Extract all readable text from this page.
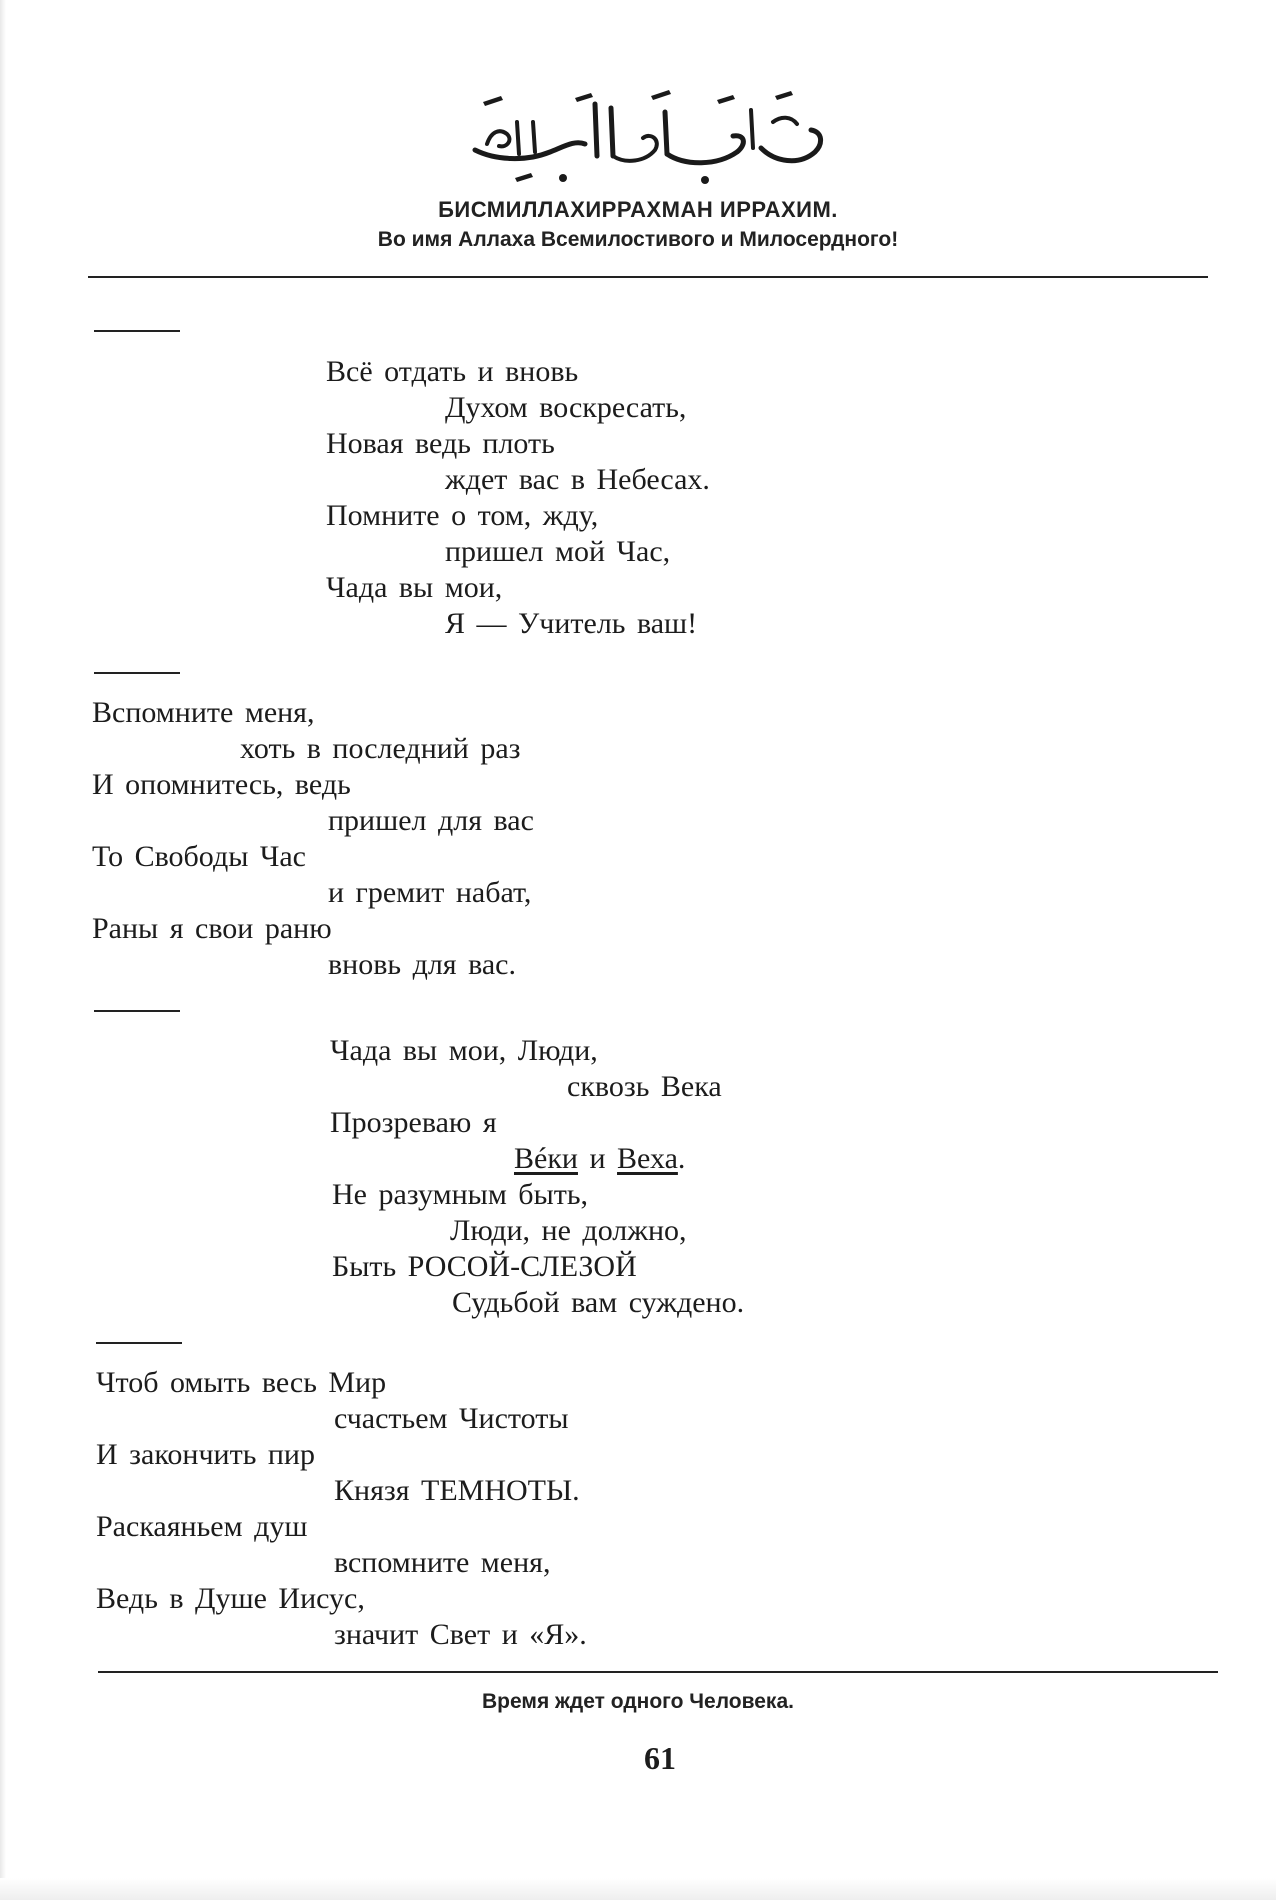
БИСМИЛЛАХИРРАХМАН ИРРАХИМ.
Во имя Аллаха Всемилостивого и Милосердного!
Всё отдать и вновь
Духом воскресать,
Новая ведь плоть
ждет вас в Небесах.
Помните о том, жду,
пришел мой Час,
Чада вы мои,
Я — Учитель ваш!
Вспомните меня,
хоть в последний раз
И опомнитесь, ведь
пришел для вас
То Свободы Час
и гремит набат,
Раны я свои раню
вновь для вас.
Чада вы мои, Люди,
сквозь Века
Прозреваю я
Вéки и Веха.
Не разумным быть,
Люди, не должно,
Быть РОСОЙ-СЛЕЗОЙ
Судьбой вам суждено.
Чтоб омыть весь Мир
счастьем Чистоты
И закончить пир
Князя ТЕМНОТЫ.
Раскаяньем душ
вспомните меня,
Ведь в Душе Иисус,
значит Свет и «Я».
Время ждет одного Человека.
61
